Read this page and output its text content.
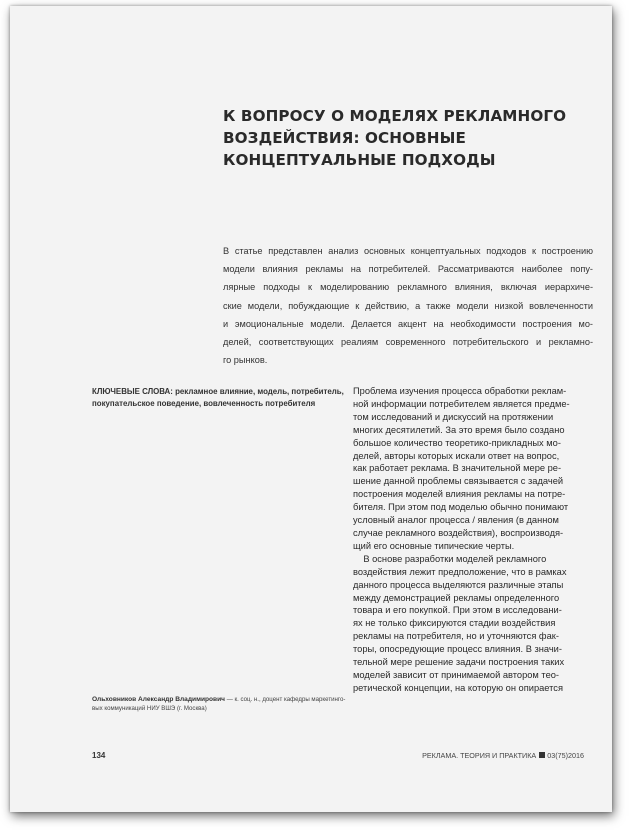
К ВОПРОСУ О МОДЕЛЯХ РЕКЛАМНОГО
ВОЗДЕЙСТВИЯ: ОСНОВНЫЕ
КОНЦЕПТУАЛЬНЫЕ ПОДХОДЫ

В статье представлен анализ основных концептуальных подходов к построению
модели влияния рекламы на потребителей. Рассматриваются наиболее попу-
лярные подходы к моделированию рекламного влияния, включая иерархиче-
ские модели, побуждающие к действию, а также модели низкой вовлеченности
и эмоциональные модели. Делается акцент на необходимости построения мо-
делей, соответствующих реалиям современного потребительского и рекламно-
го рынков.

КЛЮЧЕВЫЕ СЛОВА: рекламное влияние, модель, потребитель,
покупательское поведение, вовлеченность потребителя

Проблема изучения процесса обработки реклам-
ной информации потребителем является предме-
том исследований и дискуссий на протяжении
многих десятилетий. За это время было создано
большое количество теоретико-прикладных мо-
делей, авторы которых искали ответ на вопрос,
как работает реклама. В значительной мере ре-
шение данной проблемы связывается с задачей
построения моделей влияния рекламы на потре-
бителя. При этом под моделью обычно понимают
условный аналог процесса / явления (в данном
случае рекламного воздействия), воспроизводя-
щий его основные типические черты.
В основе разработки моделей рекламного
воздействия лежит предположение, что в рамках
данного процесса выделяются различные этапы
между демонстрацией рекламы определенного
товара и его покупкой. При этом в исследовани-
ях не только фиксируются стадии воздействия
рекламы на потребителя, но и уточняются фак-
торы, опосредующие процесс влияния. В значи-
тельной мере решение задачи построения таких
моделей зависит от принимаемой автором тео-
ретической концепции, на которую он опирается

Ольховников Александр Владимирович — к. соц. н., доцент кафедры маркетинго-
вых коммуникаций НИУ ВШЭ (г. Москва)

134	РЕКЛАМА. ТЕОРИЯ И ПРАКТИКА 03(75)2016
